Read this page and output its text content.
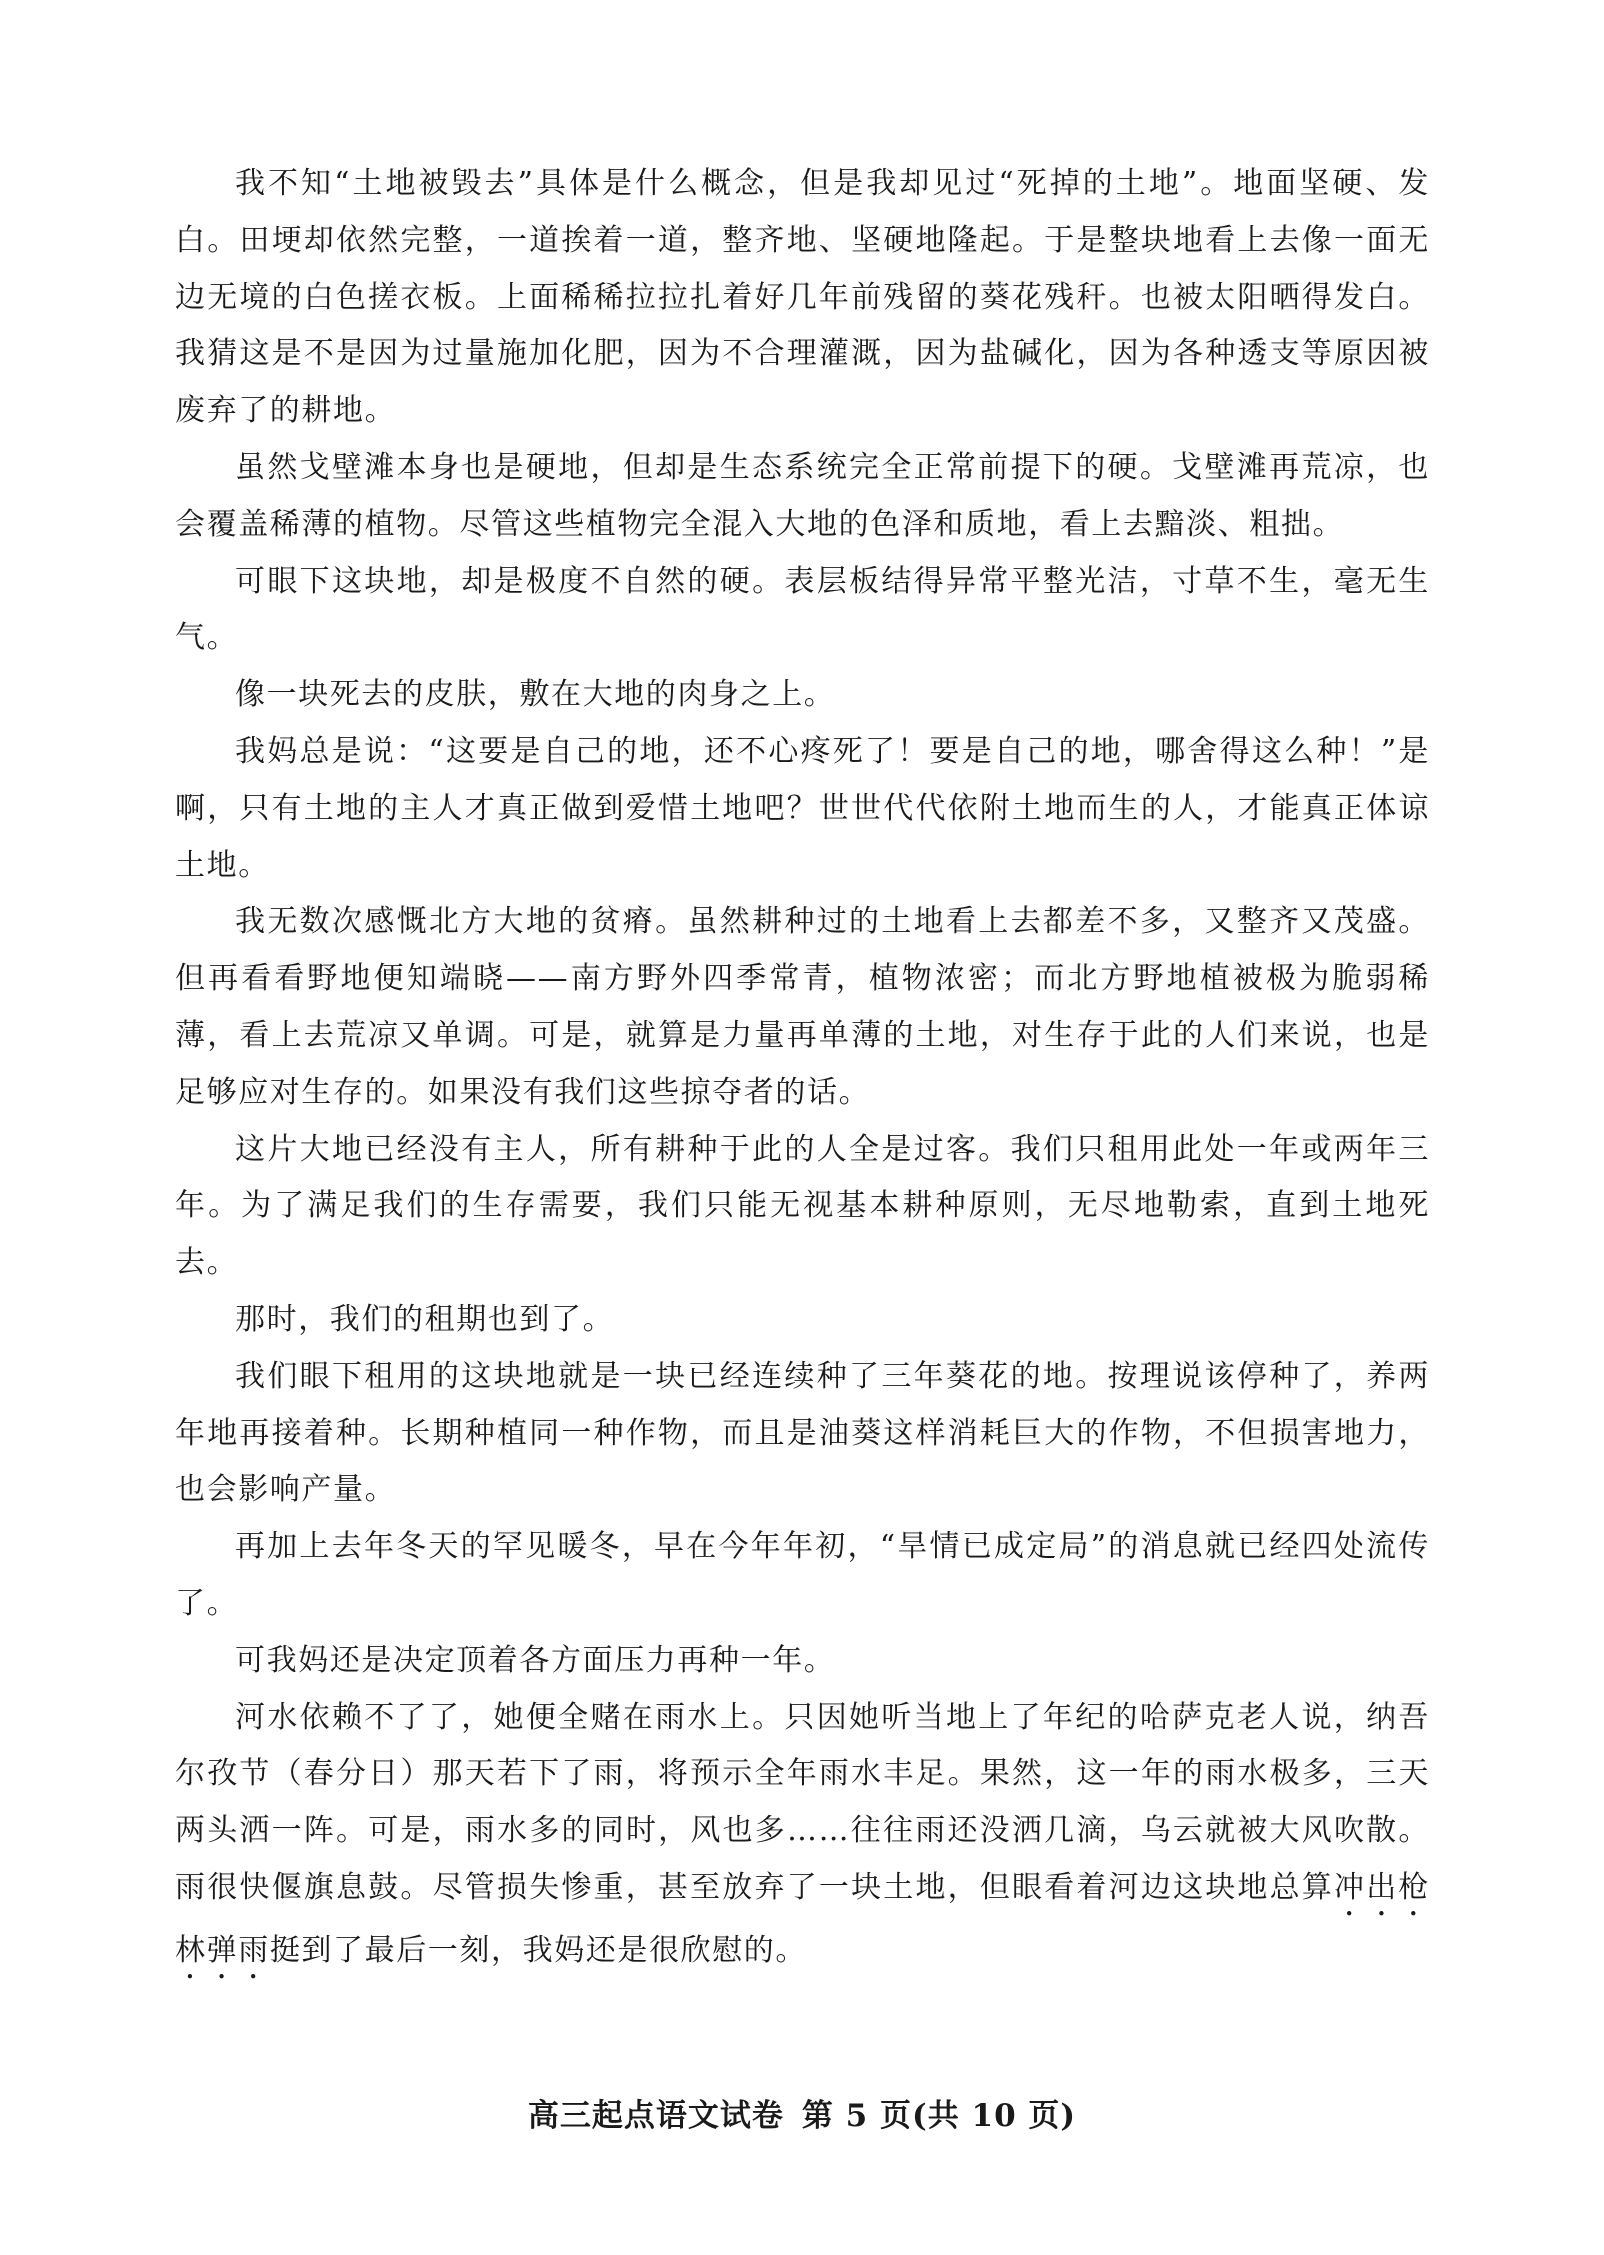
我不知“土地被毁去”具体是什么概念，但是我却见过“死掉的土地”。地面坚硬、发白。田埂却依然完整，一道挨着一道，整齐地、坚硬地隆起。于是整块地看上去像一面无边无境的白色搓衣板。上面稀稀拉拉扎着好几年前残留的葵花残秆。也被太阳晒得发白。我猜这是不是因为过量施加化肥，因为不合理灌溉，因为盐碱化，因为各种透支等原因被废弃了的耕地。

虽然戈壁滩本身也是硬地，但却是生态系统完全正常前提下的硬。戈壁滩再荒凉，也会覆盖稀薄的植物。尽管这些植物完全混入大地的色泽和质地，看上去黯淡、粗拙。

可眼下这块地，却是极度不自然的硬。表层板结得异常平整光洁，寸草不生，毫无生气。

像一块死去的皮肤，敷在大地的肉身之上。

我妈总是说：“这要是自己的地，还不心疼死了！要是自己的地，哪舍得这么种！”是啊，只有土地的主人才真正做到爱惜土地吧？世世代代依附土地而生的人，才能真正体谅土地。

我无数次感慨北方大地的贫瘠。虽然耕种过的土地看上去都差不多，又整齐又茂盛。但再看看野地便知端晓——南方野外四季常青，植物浓密；而北方野地植被极为脆弱稀薄，看上去荒凉又单调。可是，就算是力量再单薄的土地，对生存于此的人们来说，也是足够应对生存的。如果没有我们这些掠夺者的话。

这片大地已经没有主人，所有耕种于此的人全是过客。我们只租用此处一年或两年三年。为了满足我们的生存需要，我们只能无视基本耕种原则，无尽地勒索，直到土地死去。

那时，我们的租期也到了。

我们眼下租用的这块地就是一块已经连续种了三年葵花的地。按理说该停种了，养两年地再接着种。长期种植同一种作物，而且是油葵这样消耗巨大的作物，不但损害地力，也会影响产量。

再加上去年冬天的罕见暖冬，早在今年年初，“旱情已成定局”的消息就已经四处流传了。

可我妈还是决定顶着各方面压力再种一年。

河水依赖不了了，她便全赌在雨水上。只因她听当地上了年纪的哈萨克老人说，纳吾尔孜节（春分日）那天若下了雨，将预示全年雨水丰足。果然，这一年的雨水极多，三天两头洒一阵。可是，雨水多的同时，风也多……往往雨还没洒几滴，乌云就被大风吹散。雨很快偃旗息鼓。尽管损失惨重，甚至放弃了一块土地，但眼看着河边这块地总算冲出枪林弹雨挺到了最后一刻，我妈还是很欣慰的。

高三起点语文试卷 第 5 页(共 10 页)
